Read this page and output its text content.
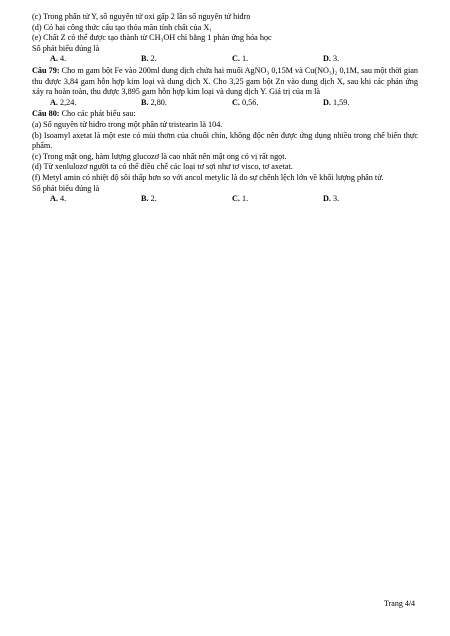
(c) Trong phân tử Y, số nguyên tử oxi gấp 2 lần số nguyên tử hiđro
(d) Có hai công thức cấu tạo thỏa mãn tính chất của X₁
(e) Chất Z có thể được tạo thành từ CH₃OH chỉ bằng 1 phản ứng hóa học
Số phát biểu đúng là
A. 4.	B. 2.	C. 1.	D. 3.
Câu 79: Cho m gam bột Fe vào 200ml dung dịch chứa hai muối AgNO₃ 0,15M và Cu(NO₃)₂ 0,1M, sau một thời gian thu được 3,84 gam hỗn hợp kim loại và dung dịch X. Cho 3,25 gam bột Zn vào dung dịch X, sau khi các phản ứng xảy ra hoàn toàn, thu được 3,895 gam hỗn hợp kim loại và dung dịch Y. Giá trị của m là
A. 2,24.	B. 2,80.	C. 0,56.	D. 1,59.
Câu 80: Cho các phát biểu sau:
(a) Số nguyên tử hiđro trong một phân tử tristearin là 104.
(b) Isoamyl axetat là một este có mùi thơm của chuối chín, không độc nên được ứng dụng nhiều trong chế biến thực phẩm.
(c) Trong mật ong, hàm lượng glucozơ là cao nhất nên mật ong có vị rất ngọt.
(d) Từ xenlulozơ người ta có thể điều chế các loại tơ sợi như tơ visco, tơ axetat.
(f) Metyl amin có nhiệt độ sôi thấp hơn so với ancol metylic là do sự chênh lệch lớn về khối lượng phân tử.
Số phát biểu đúng là
A. 4.	B. 2.	C. 1.	D. 3.
Trang 4/4
